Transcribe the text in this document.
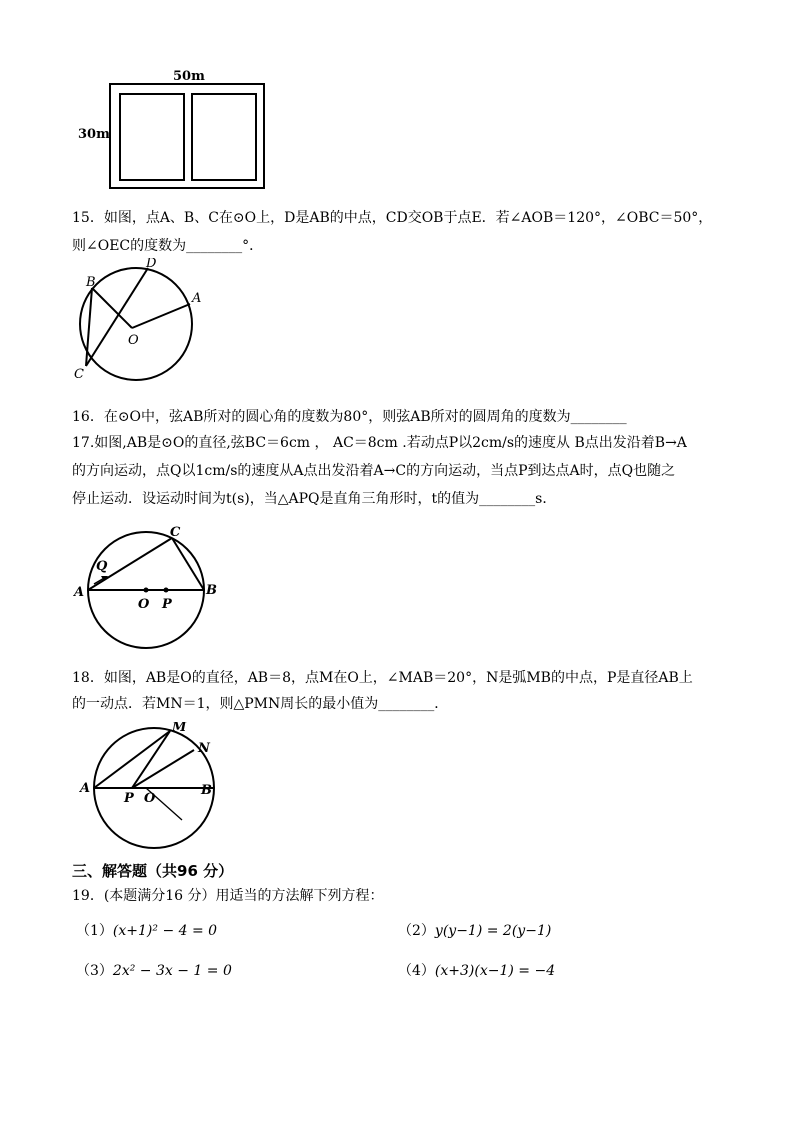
50m
30m
15．如图，点A、B、C在⊙O上，D是AB的中点，CD交OB于点E．若∠AOB＝120°，∠OBC＝50°，
则∠OEC的度数为________°．
B
D
A
O
C
16．在⊙O中，弦AB所对的圆心角的度数为80°，则弦AB所对的圆周角的度数为________
17.如图,AB是⊙O的直径,弦BC＝6cm ， AC＝8cm .若动点P以2cm/s的速度从 B点出发沿着B→A
的方向运动，点Q以1cm/s的速度从A点出发沿着A→C的方向运动，当点P到达点A时，点Q也随之
停止运动．设运动时间为t(s)，当△APQ是直角三角形时，t的值为________s．
A	B
C
Q
O P
18．如图，AB是O的直径，AB＝8，点M在O上，∠MAB＝20°，N是弧MB的中点，P是直径AB上
的一动点．若MN＝1，则△PMN周长的最小值为________．
A	B
M
N
P O
三、解答题（共96 分）
19．(本题满分16 分）用适当的方法解下列方程：
（1）(x+1)² − 4 = 0	（2）y(y−1) = 2(y−1)
（3）2x² − 3x − 1 = 0	（4）(x+3)(x−1) = −4
